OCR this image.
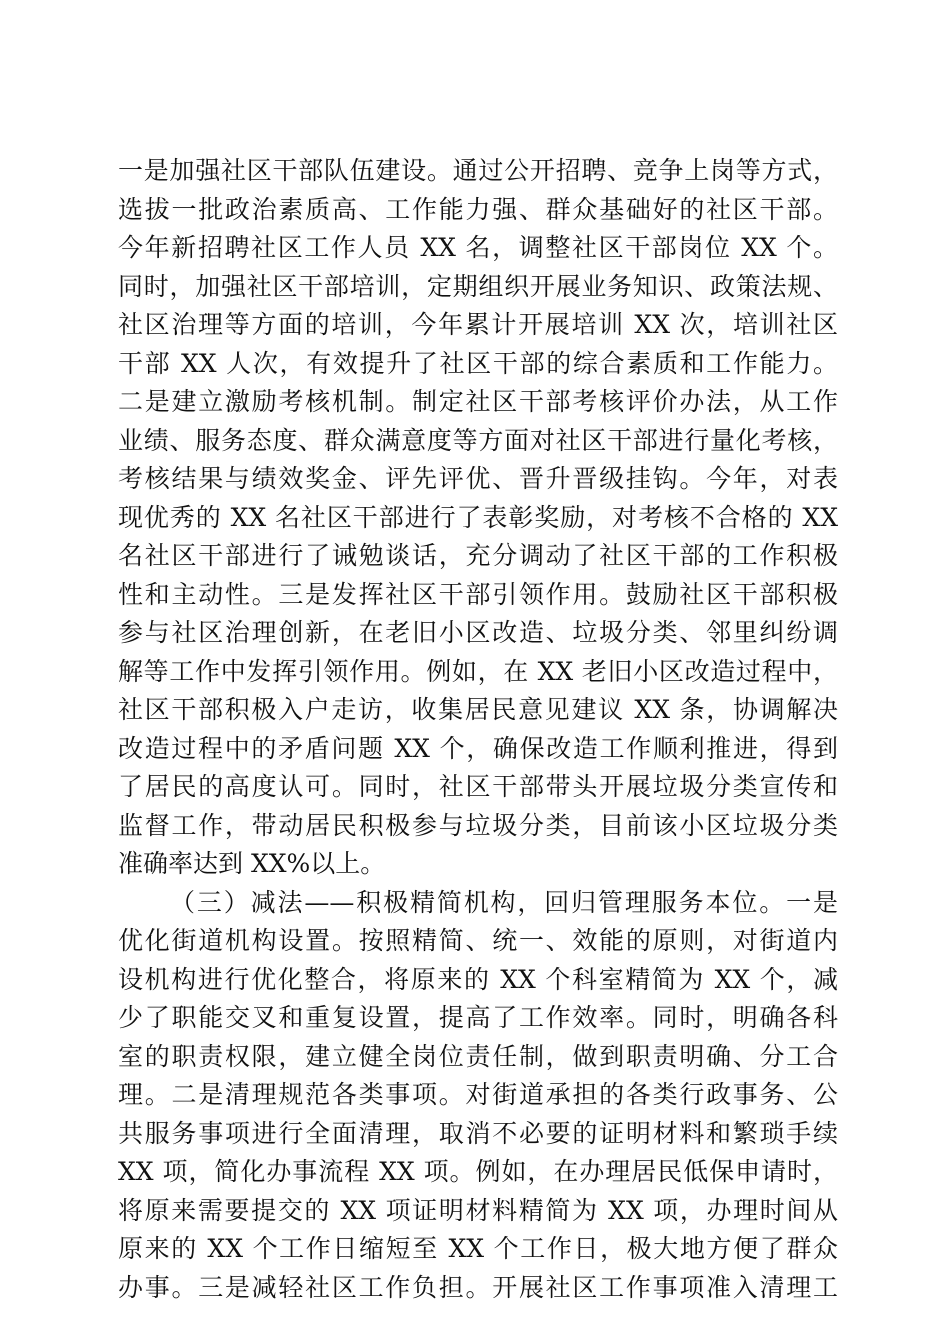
一是加强社区干部队伍建设。通过公开招聘、竞争上岗等方式，
选拔一批政治素质高、工作能力强、群众基础好的社区干部。
今年新招聘社区工作人员 XX 名，调整社区干部岗位 XX 个。
同时，加强社区干部培训，定期组织开展业务知识、政策法规、
社区治理等方面的培训，今年累计开展培训 XX 次，培训社区
干部 XX 人次，有效提升了社区干部的综合素质和工作能力。
二是建立激励考核机制。制定社区干部考核评价办法，从工作
业绩、服务态度、群众满意度等方面对社区干部进行量化考核，
考核结果与绩效奖金、评先评优、晋升晋级挂钩。今年，对表
现优秀的 XX 名社区干部进行了表彰奖励，对考核不合格的 XX
名社区干部进行了诫勉谈话，充分调动了社区干部的工作积极
性和主动性。三是发挥社区干部引领作用。鼓励社区干部积极
参与社区治理创新，在老旧小区改造、垃圾分类、邻里纠纷调
解等工作中发挥引领作用。例如，在 XX 老旧小区改造过程中，
社区干部积极入户走访，收集居民意见建议 XX 条，协调解决
改造过程中的矛盾问题 XX 个，确保改造工作顺利推进，得到
了居民的高度认可。同时，社区干部带头开展垃圾分类宣传和
监督工作，带动居民积极参与垃圾分类，目前该小区垃圾分类
准确率达到 XX%以上。
（三）减法——积极精简机构，回归管理服务本位。一是
优化街道机构设置。按照精简、统一、效能的原则，对街道内
设机构进行优化整合，将原来的 XX 个科室精简为 XX 个，减
少了职能交叉和重复设置，提高了工作效率。同时，明确各科
室的职责权限，建立健全岗位责任制，做到职责明确、分工合
理。二是清理规范各类事项。对街道承担的各类行政事务、公
共服务事项进行全面清理，取消不必要的证明材料和繁琐手续
XX 项，简化办事流程 XX 项。例如，在办理居民低保申请时，
将原来需要提交的 XX 项证明材料精简为 XX 项，办理时间从
原来的 XX 个工作日缩短至 XX 个工作日，极大地方便了群众
办事。三是减轻社区工作负担。开展社区工作事项准入清理工
